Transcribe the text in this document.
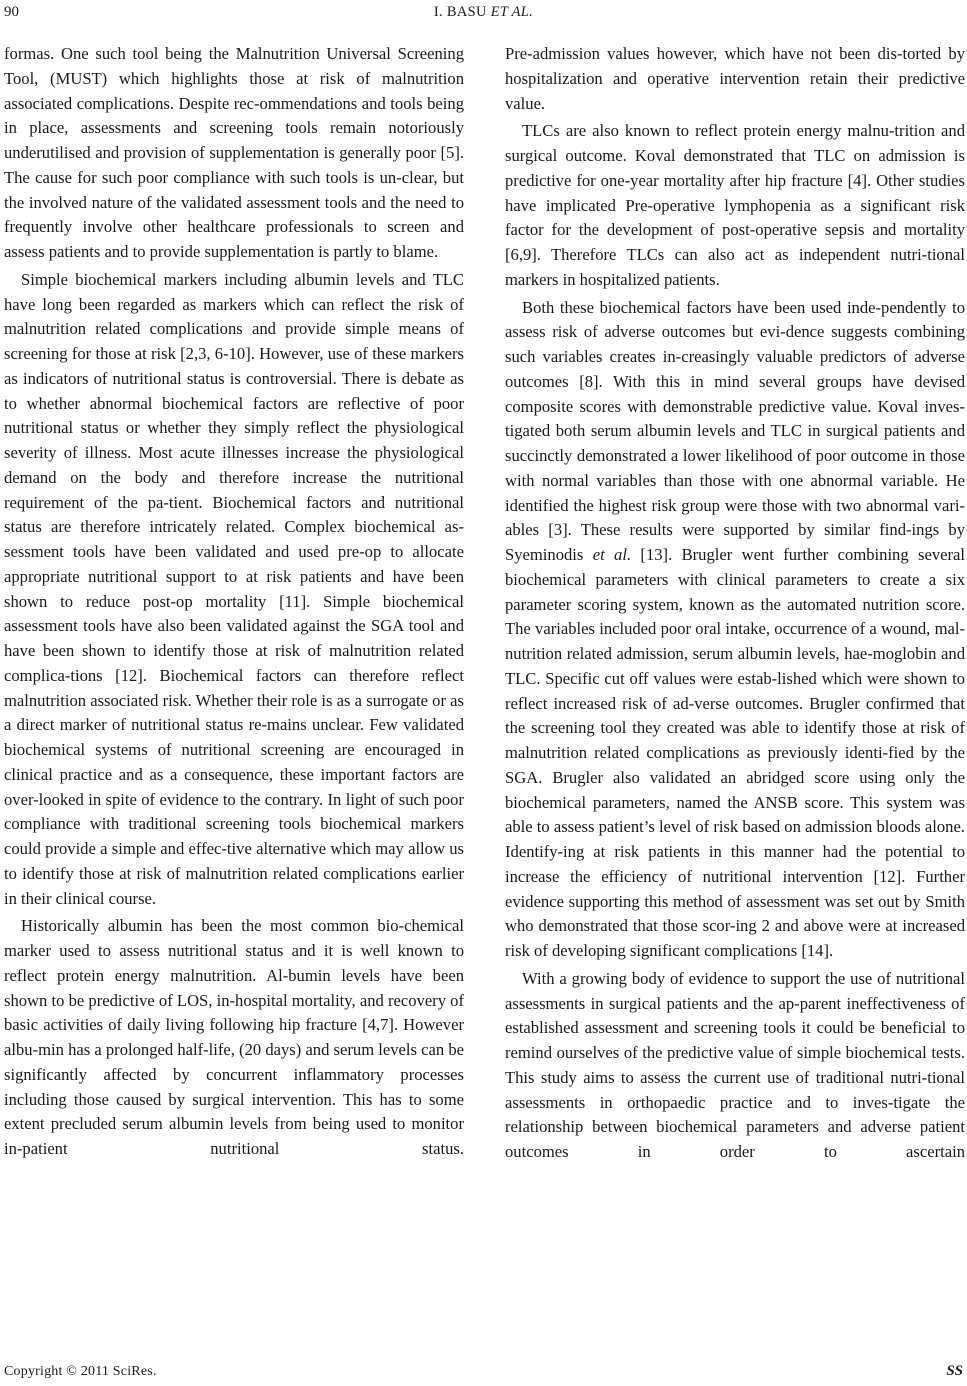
90	I. BASU ET AL.

formas. One such tool being the Malnutrition Universal Screening Tool, (MUST) which highlights those at risk of malnutrition associated complications. Despite rec-ommendations and tools being in place, assessments and screening tools remain notoriously underutilised and provision of supplementation is generally poor [5]. The cause for such poor compliance with such tools is un-clear, but the involved nature of the validated assessment tools and the need to frequently involve other healthcare professionals to screen and assess patients and to provide supplementation is partly to blame.

Simple biochemical markers including albumin levels and TLC have long been regarded as markers which can reflect the risk of malnutrition related complications and provide simple means of screening for those at risk [2,3, 6-10]. However, use of these markers as indicators of nutritional status is controversial. There is debate as to whether abnormal biochemical factors are reflective of poor nutritional status or whether they simply reflect the physiological severity of illness. Most acute illnesses increase the physiological demand on the body and therefore increase the nutritional requirement of the pa-tient. Biochemical factors and nutritional status are therefore intricately related. Complex biochemical as-sessment tools have been validated and used pre-op to allocate appropriate nutritional support to at risk patients and have been shown to reduce post-op mortality [11]. Simple biochemical assessment tools have also been validated against the SGA tool and have been shown to identify those at risk of malnutrition related complica-tions [12]. Biochemical factors can therefore reflect malnutrition associated risk. Whether their role is as a surrogate or as a direct marker of nutritional status re-mains unclear. Few validated biochemical systems of nutritional screening are encouraged in clinical practice and as a consequence, these important factors are over-looked in spite of evidence to the contrary. In light of such poor compliance with traditional screening tools biochemical markers could provide a simple and effec-tive alternative which may allow us to identify those at risk of malnutrition related complications earlier in their clinical course.

Historically albumin has been the most common bio-chemical marker used to assess nutritional status and it is well known to reflect protein energy malnutrition. Al-bumin levels have been shown to be predictive of LOS, in-hospital mortality, and recovery of basic activities of daily living following hip fracture [4,7]. However albu-min has a prolonged half-life, (20 days) and serum levels can be significantly affected by concurrent inflammatory processes including those caused by surgical intervention. This has to some extent precluded serum albumin levels from being used to monitor in-patient nutritional status.

Pre-admission values however, which have not been dis-torted by hospitalization and operative intervention retain their predictive value.

TLCs are also known to reflect protein energy malnu-trition and surgical outcome. Koval demonstrated that TLC on admission is predictive for one-year mortality after hip fracture [4]. Other studies have implicated Pre-operative lymphopenia as a significant risk factor for the development of post-operative sepsis and mortality [6,9]. Therefore TLCs can also act as independent nutri-tional markers in hospitalized patients.

Both these biochemical factors have been used inde-pendently to assess risk of adverse outcomes but evi-dence suggests combining such variables creates in-creasingly valuable predictors of adverse outcomes [8]. With this in mind several groups have devised composite scores with demonstrable predictive value. Koval inves-tigated both serum albumin levels and TLC in surgical patients and succinctly demonstrated a lower likelihood of poor outcome in those with normal variables than those with one abnormal variable. He identified the highest risk group were those with two abnormal vari-ables [3]. These results were supported by similar find-ings by Syeminodis et al. [13]. Brugler went further combining several biochemical parameters with clinical parameters to create a six parameter scoring system, known as the automated nutrition score. The variables included poor oral intake, occurrence of a wound, mal-nutrition related admission, serum albumin levels, hae-moglobin and TLC. Specific cut off values were estab-lished which were shown to reflect increased risk of ad-verse outcomes. Brugler confirmed that the screening tool they created was able to identify those at risk of malnutrition related complications as previously identi-fied by the SGA. Brugler also validated an abridged score using only the biochemical parameters, named the ANSB score. This system was able to assess patient’s level of risk based on admission bloods alone. Identify-ing at risk patients in this manner had the potential to increase the efficiency of nutritional intervention [12]. Further evidence supporting this method of assessment was set out by Smith who demonstrated that those scor-ing 2 and above were at increased risk of developing significant complications [14].

With a growing body of evidence to support the use of nutritional assessments in surgical patients and the ap-parent ineffectiveness of established assessment and screening tools it could be beneficial to remind ourselves of the predictive value of simple biochemical tests. This study aims to assess the current use of traditional nutri-tional assessments in orthopaedic practice and to inves-tigate the relationship between biochemical parameters and adverse patient outcomes in order to ascertain

Copyright © 2011 SciRes.	SS
